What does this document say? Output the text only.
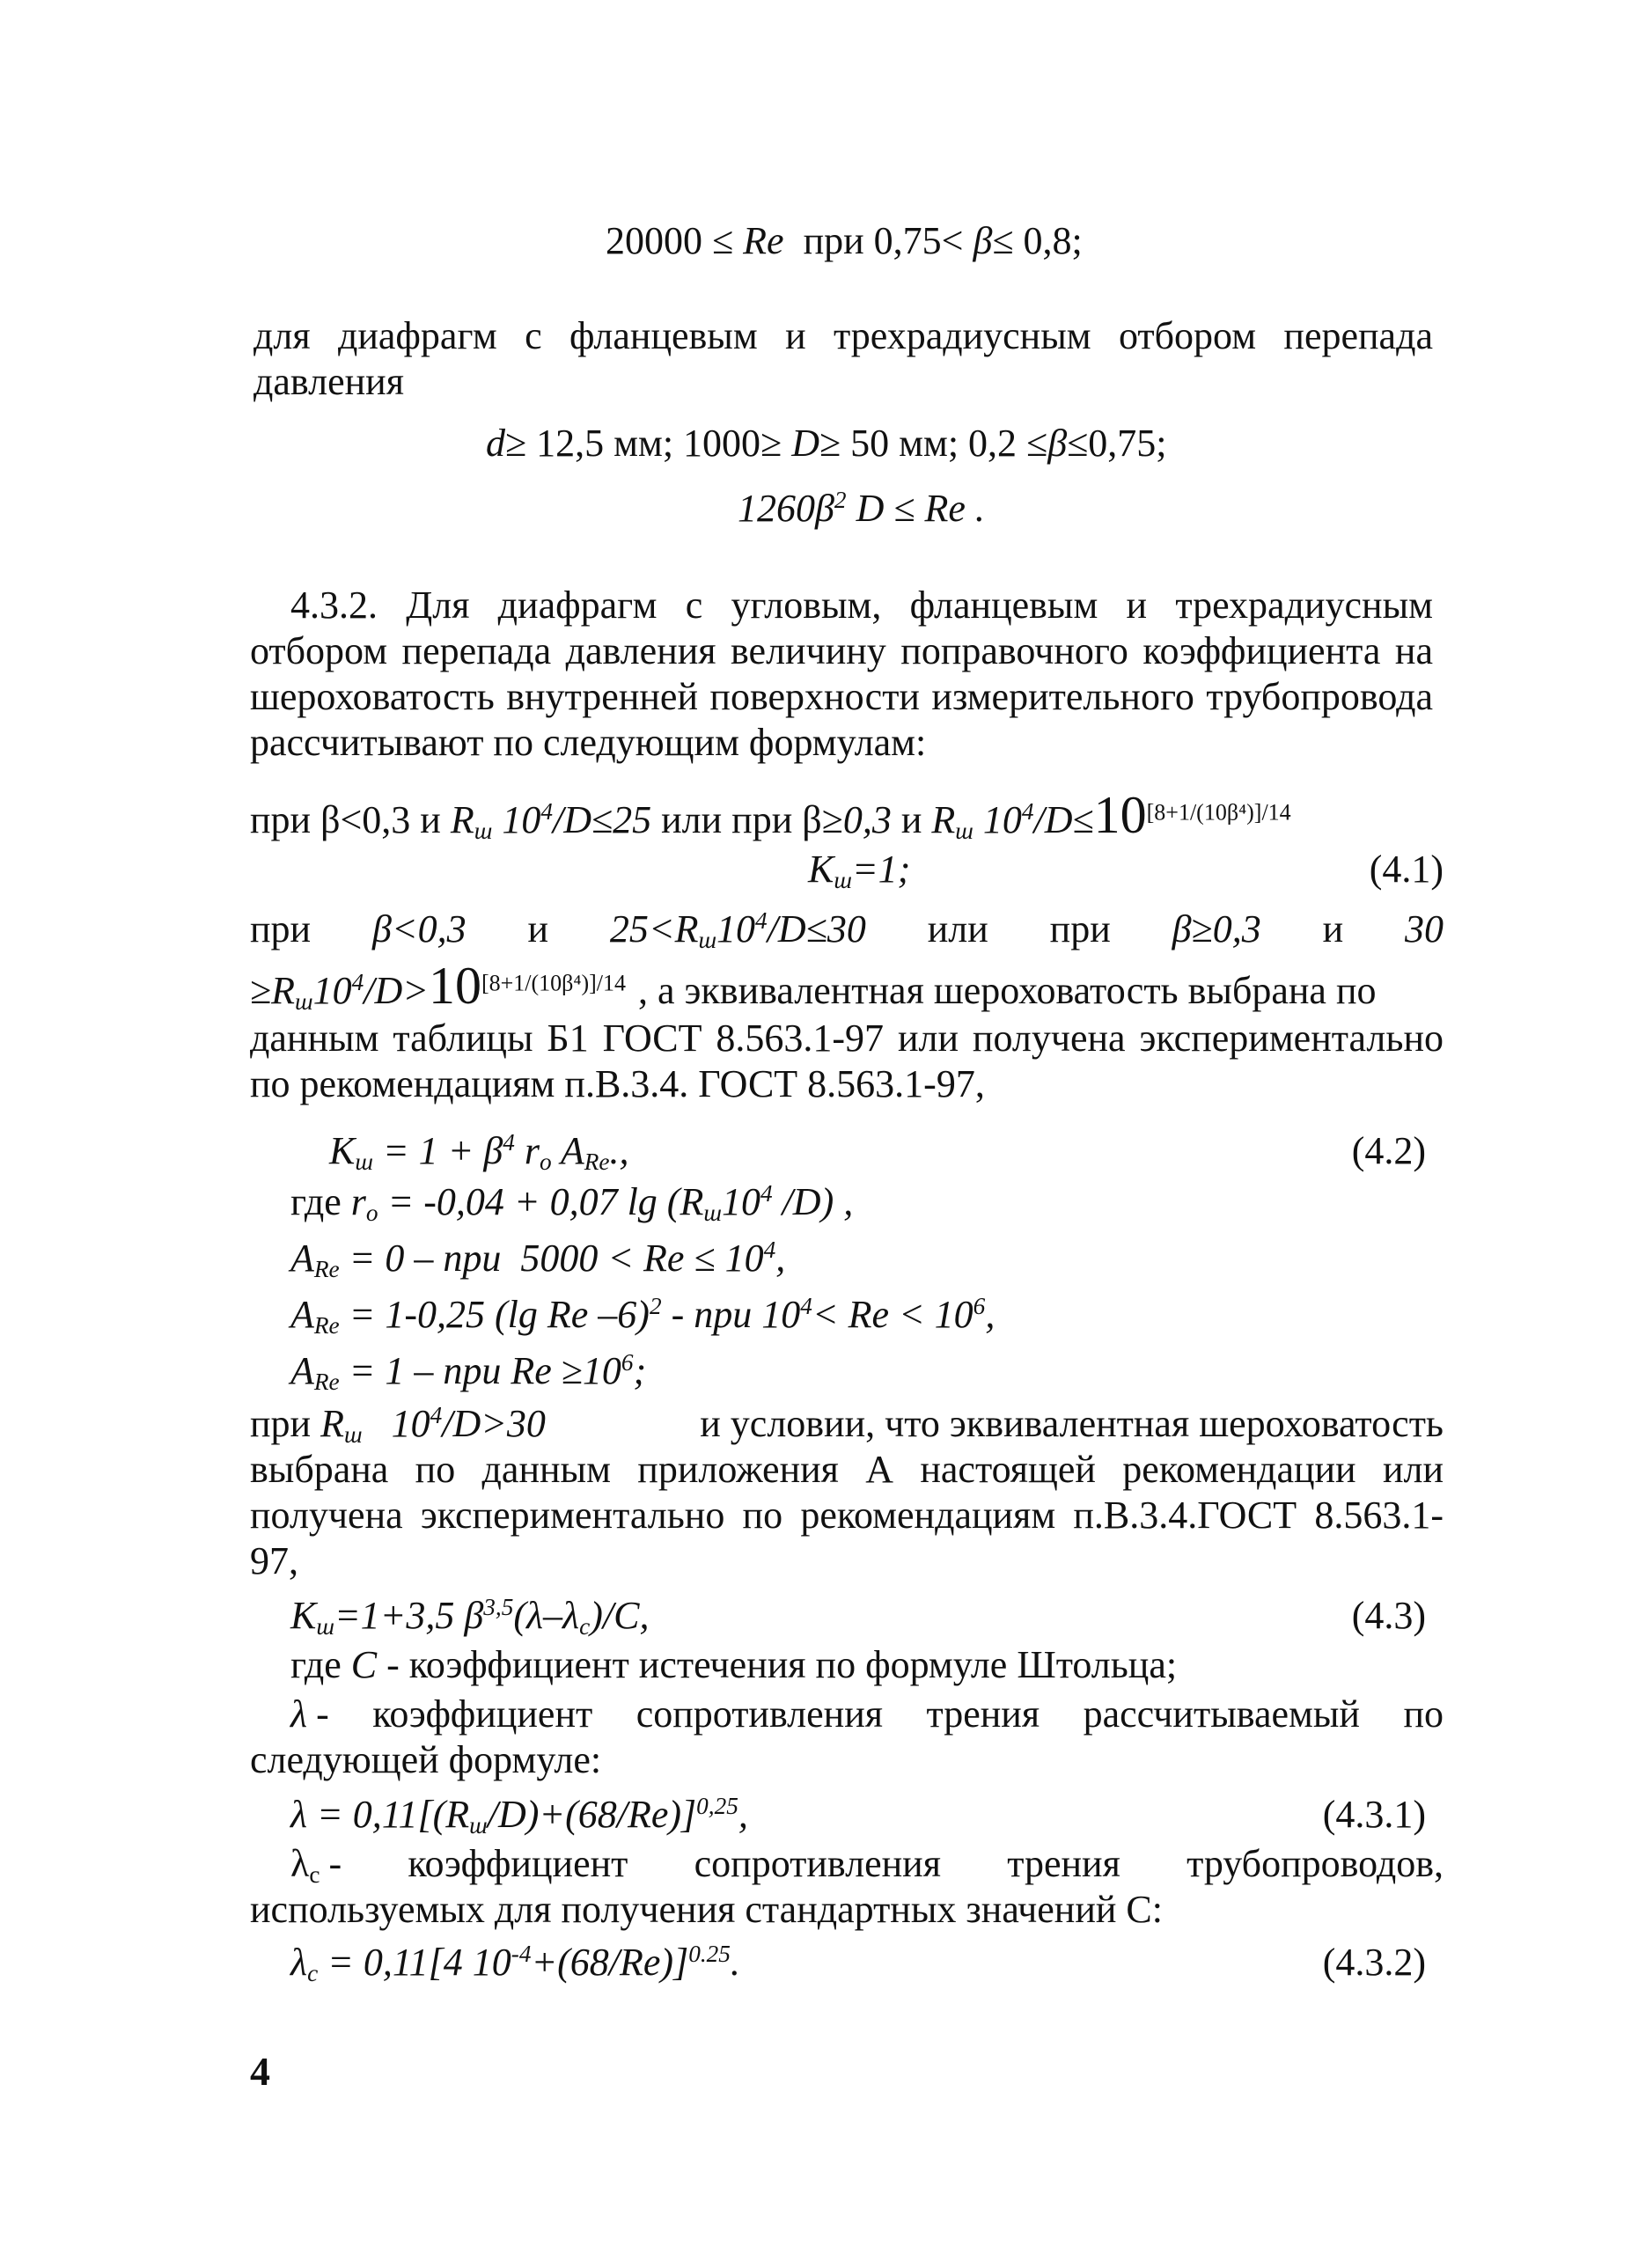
20000 ≤ Re  при 0,75< β≤ 0,8;
для диафрагм с фланцевым и трехрадиусным отбором перепада
давления
d≥ 12,5 мм; 1000≥ D≥ 50 мм; 0,2 ≤β≤0,75;
$1260\beta^2$ D ≤ Re .
4.3.2. Для диафрагм с угловым, фланцевым и трехрадиусным
отбором перепада давления величину поправочного коэффициента на
шероховатость внутренней поверхности измерительного трубопровода
рассчитывают по следующим формулам:
при β<0,3 и $R_ш$ $10^4/D\le 25$ или при β≥0,3 и $R_ш$ $10^4/D\le 10^{[8+1/(10\beta^4)]/14}$
$K_ш=1$;	(4.1)
при β<0,3 и $25<R_ш10^4/D\le 30$ или при β≥0,3 и 30
$\ge R_ш10^4/D>10^{[8+1/(10\beta^4)]/14}$ , а эквивалентная шероховатость выбрана по
данным таблицы Б1 ГОСТ 8.563.1-97 или получена экспериментально
по рекомендациям п.В.3.4. ГОСТ 8.563.1-97,
$K_ш = 1 + \beta^4$ $r_o$ $A_{Re}$.,	(4.2)
где $r_o = -0,04 + 0,07$ $\lg (R_ш10^4$ /D) ,
$A_{Re} = 0$ – при  $5000 < Re \le 10^4$,
$A_{Re} = 1-0,25$ (lg Re –6)$^2$ - при $10^4< Re < 10^6$,
$A_{Re} = 1$ – при $Re \ge 10^6$;
при $R_ш$   $10^4/D>30$	и условии, что эквивалентная шероховатость
выбрана по данным приложения А настоящей рекомендации или
получена экспериментально по рекомендациям п.В.3.4.ГОСТ 8.563.1-
97,
$K_ш=1+3,5$ $\beta^{3,5}(\lambda-\lambda_c)/C$,	(4.3)
где C - коэффициент истечения по формуле Штольца;
λ - коэффициент сопротивления трения рассчитываемый по
следующей формуле:
$\lambda = 0,11[(R_ш/D)+(68/Re)]^{0,25}$,	(4.3.1)
$\lambda_c$ - коэффициент сопротивления трения трубопроводов,
используемых для получения стандартных значений С:
$\lambda_c = 0,11[4$ $10^{-4}+(68/Re)]^{0.25}$.	(4.3.2)
4
